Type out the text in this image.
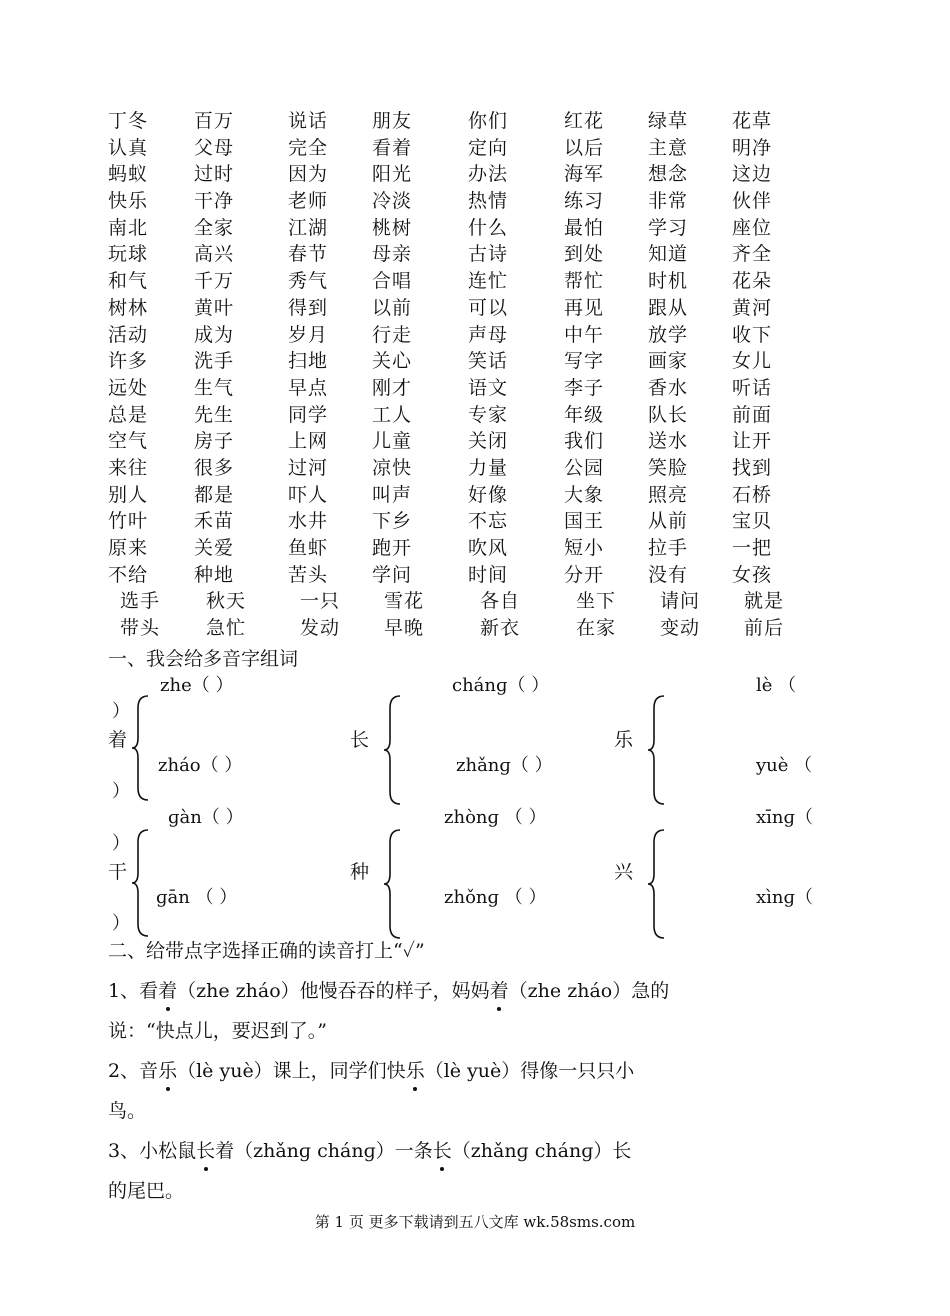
丁冬 百万	说话 朋友	你们	红花 绿草 花草
认真 父母	完全 看着	定向	以后 主意 明净
蚂蚁 过时	因为 阳光	办法	海军 想念 这边
快乐 干净	老师 冷淡	热情	练习 非常 伙伴
南北 全家	江湖 桃树	什么	最怕 学习 座位
玩球 高兴	春节 母亲	古诗	到处 知道 齐全
和气 千万	秀气 合唱	连忙	帮忙 时机 花朵
树林 黄叶	得到 以前	可以	再见 跟从 黄河
活动 成为	岁月 行走	声母	中午 放学 收下
许多 洗手	扫地 关心	笑话	写字 画家 女儿
远处 生气	早点 刚才	语文	李子 香水 听话
总是 先生	同学 工人	专家	年级 队长 前面
空气 房子	上网 儿童	关闭	我们 送水 让开
来往 很多	过河 凉快	力量	公园 笑脸 找到
别人 都是	吓人 叫声	好像	大象 照亮 石桥
竹叶 禾苗	水井 下乡	不忘	国王 从前 宝贝
原来 关爱	鱼虾 跑开	吹风	短小 拉手 一把
不给 种地	苦头 学问	时间	分开 没有 女孩
选手 秋天	一只 雪花	各自	坐下 请问 就是
带头 急忙	发动 早晚	新衣	在家 变动 前后
一、我会给多音字组词
zhe（ ）
）
着
zháo（ ）
）
chánɡ（ ）
长
zhǎnɡ（ ）
lè （
乐
yuè （
ɡàn（ ）
）
干
ɡān （ ）
）
zhònɡ （ ）
种
zhǒnɡ （ ）
xīnɡ（
兴
xìnɡ（
二、给带点字选择正确的读音打上“✓”
1、看着（zhe zháo）他慢吞吞的样子，妈妈着（zhe zháo）急的
说：“快点儿，要迟到了。”
2、音乐（lè yuè）课上，同学们快乐（lè yuè）得像一只只小
鸟。
3、小松鼠长着（zhǎnɡ chánɡ）一条长（zhǎnɡ chánɡ）长
的尾巴。
第 1 页 更多下载请到五八文库 wk.58sms.com
